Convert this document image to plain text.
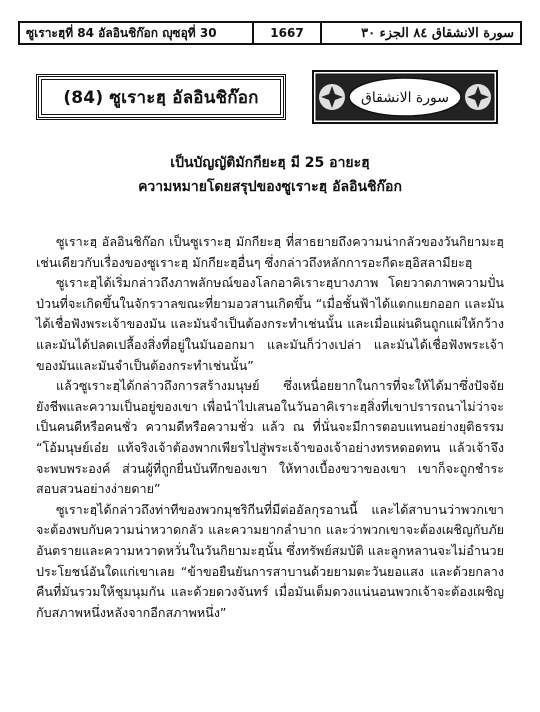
ซูเราะฮฺที่ 84 อัลอินชิก๊อก ญุซอุที่ 30	1667	سورة الانشقاق ٨٤ الجزء ٣٠
(84) ซูเราะฮฺ อัลอินชิก๊อก	سورة الانشقاق
เป็นบัญญัติมักกียะฮฺ มี 25 อายะฮฺ
ความหมายโดยสรุปของซูเราะฮฺ อัลอินชิก๊อก

ซูเราะฮฺ อัลอินชิก๊อก เป็นซูเราะฮฺ มักกียะฮฺ ที่สาธยายถึงความน่ากลัวของวันกิยามะฮฺเช่นเดียวกับเรื่องของซูเราะฮฺ มักกียะฮฺอื่นๆ ซึ่งกล่าวถึงหลักการอะกีดะฮฺอิสลามียะฮฺ

ซูเราะฮฺได้เริ่มกล่าวถึงภาพลักษณ์ของโลกอาคิเราะฮฺบางภาพ โดยวาดภาพความปั่นป่วนที่จะเกิดขึ้นในจักรวาลขณะที่ยามอวสานเกิดขึ้น “เมื่อชั้นฟ้าได้แตกแยกออก และมันได้เชื่อฟังพระเจ้าของมัน และมันจำเป็นต้องกระทำเช่นนั้น และเมื่อแผ่นดินถูกแผ่ให้กว้าง และมันได้ปลดเปลื้องสิ่งที่อยู่ในมันออกมา และมันก็ว่างเปล่า และมันได้เชื่อฟังพระเจ้าของมันและมันจำเป็นต้องกระทำเช่นนั้น”

แล้วซูเราะฮฺได้กล่าวถึงการสร้างมนุษย์ ซึ่งเหนื่อยยากในการที่จะให้ได้มาซึ่งปัจจัยยังชีพและความเป็นอยู่ของเขา เพื่อนำไปเสนอในวันอาคิเราะฮฺสิ่งที่เขาปรารถนาไม่ว่าจะเป็นคนดีหรือคนชั่ว ความดีหรือความชั่ว แล้ว ณ ที่นั่นจะมีการตอบแทนอย่างยุติธรรม “โอ้มนุษย์เอ๋ย แท้จริงเจ้าต้องพากเพียรไปสู่พระเจ้าของเจ้าอย่างทรหดอดทน แล้วเจ้าจึงจะพบพระองค์ ส่วนผู้ที่ถูกยื่นบันทึกของเขา ให้ทางเบื้องขวาของเขา เขาก็จะถูกชำระสอบสวนอย่างง่ายดาย”

ซูเราะฮฺได้กล่าวถึงท่าทีของพวกมุชริกีนที่มีต่ออัลกุรอานนี้ และได้สาบานว่าพวกเขาจะต้องพบกับความน่าหวาดกลัว และความยากลำบาก และว่าพวกเขาจะต้องเผชิญกับภัยอันตรายและความหวาดหวั่นในวันกิยามะฮฺนั้น ซึ่งทรัพย์สมบัติ และลูกหลานจะไม่อำนวยประโยชน์อันใดแก่เขาเลย “ข้าขอยืนยันการสาบานด้วยยามตะวันยอแสง และด้วยกลางคืนที่มันรวมให้ชุมนุมกัน และด้วยดวงจันทร์ เมื่อมันเต็มดวงแน่นอนพวกเจ้าจะต้องเผชิญกับสภาพหนึ่งหลังจากอีกสภาพหนึ่ง”
